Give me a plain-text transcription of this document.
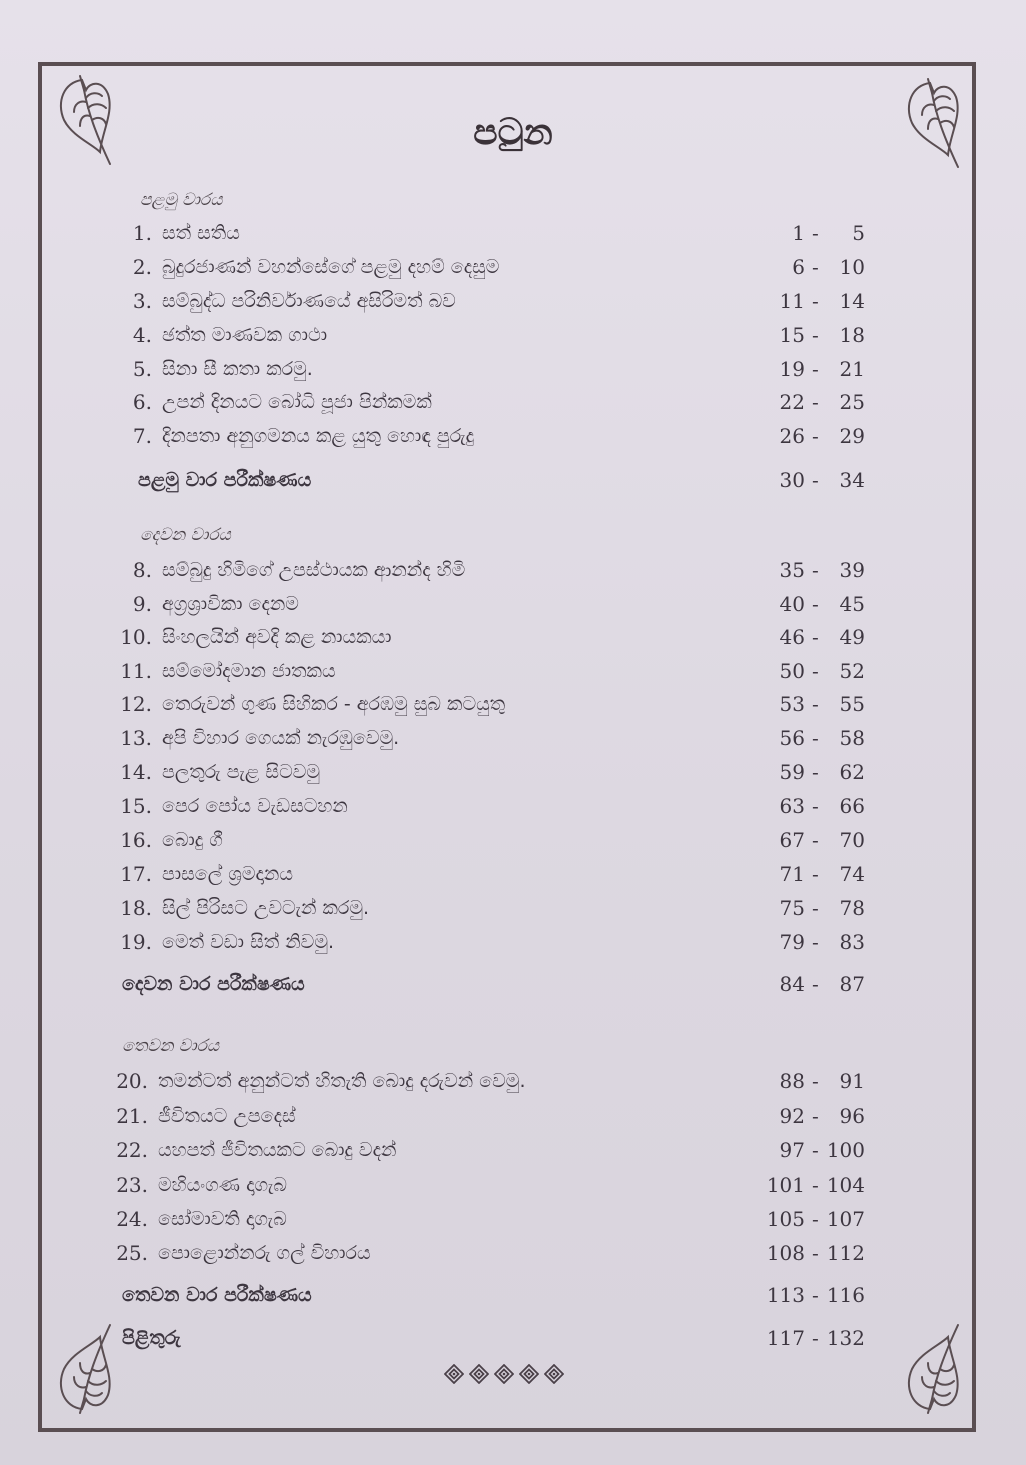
පටුන
පළමු වාරය
1. සත් සතිය	1 - 5
2. බුදුරජාණන් වහන්සේගේ පළමු දහම් දෙසුම	6 - 10
3. සම්බුද්ධ පරිනිර්වාණයේ අසිරිමත් බව	11 - 14
4. ඡත්ත මාණවක ගාථා	15 - 18
5. සිනා සී කතා කරමු.	19 - 21
6. උපන් දිනයට බෝධි පූජා පින්කමක්	22 - 25
7. දිනපතා අනුගමනය කළ යුතු හොඳ පුරුදු	26 - 29
පළමු වාර පරීක්ෂණය	30 - 34
දෙවන වාරය
8. සම්බුදු හිමිගේ උපස්ථායක ආනන්ද හිමි	35 - 39
9. අග්‍රශ්‍රාවිකා දෙනම	40 - 45
10. සිංහලයින් අවදි කළ නායකයා	46 - 49
11. සම්මෝදමාන ජාතකය	50 - 52
12. තෙරුවන් ගුණ සිහිකර - අරඹමු සුබ කටයුතු	53 - 55
13. අපි විහාර ගෙයක් නැරඹුවෙමු.	56 - 58
14. පලතුරු පැළ සිටවමු	59 - 62
15. පෙර පෝය වැඩසටහන	63 - 66
16. බොදු ගී	67 - 70
17. පාසලේ ශ්‍රමදානය	71 - 74
18. සිල් පිරිසට උවටැන් කරමු.	75 - 78
19. මෙත් වඩා සිත් නිවමු.	79 - 83
දෙවන වාර පරීක්ෂණය	84 - 87
තෙවන වාරය
20. තමන්ටත් අනුන්ටත් හිතැති බොදු දරුවන් වෙමු.	88 - 91
21. ජීවිතයට උපදෙස්	92 - 96
22. යහපත් ජීවිතයකට බොදු වදන්	97 - 100
23. මහියංගණ දාගැබ	101 - 104
24. සෝමාවති දාගැබ	105 - 107
25. පොළොන්නරු ගල් විහාරය	108 - 112
තෙවන වාර පරීක්ෂණය	113 - 116
පිළිතුරු	117 - 132
